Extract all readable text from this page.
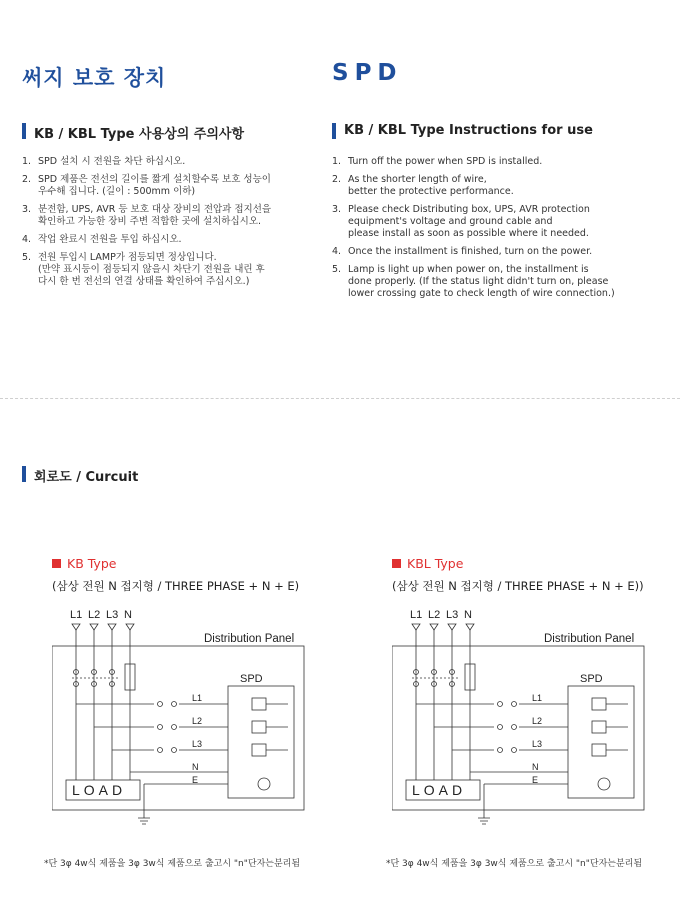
써지 보호 장치	SPD
KB / KBL Type 사용상의 주의사항
1. SPD 설치 시 전원을 차단 하십시오.
2. SPD 제품은 전선의 길이를 짧게 설치할수록 보호 성능이
우수해 집니다. (길이 : 500mm 이하)
3. 분전함, UPS, AVR 등 보호 대상 장비의 전압과 접지선을
확인하고 가능한 장비 주변 적합한 곳에 설치하십시오.
4. 작업 완료시 전원을 투입 하십시오.
5. 전원 투입시 LAMP가 점등되면 정상입니다.
(만약 표시등이 점등되지 않을시 차단기 전원을 내린 후
다시 한 번 전선의 연결 상태를 확인하여 주십시오.)
KB / KBL Type Instructions for use
1. Turn off the power when SPD is installed.
2. As the shorter length of wire,
better the protective performance.
3. Please check Distributing box, UPS, AVR protection
equipment's voltage and ground cable and
please install as soon as possible where it needed.
4. Once the installment is finished, turn on the power.
5. Lamp is light up when power on, the installment is
done properly. (If the status light didn't turn on, please
lower crossing gate to check length of wire connection.)
회로도 / Curcuit
KB Type
(삼상 전원 N 접지형 / THREE PHASE + N + E)
L1 L2 L3 N
Distribution Panel
LOAD
SPD
L1
L2
L3
N
E
*단 3φ 4w식 제품을 3φ 3w식 제품으로 출고시 "n"단자는분리됨
KBL Type
(삼상 전원 N 접지형 / THREE PHASE + N + E))
L1 L2 L3 N
Distribution Panel
LOAD
SPD
L1
L2
L3
N
E
*단 3φ 4w식 제품을 3φ 3w식 제품으로 출고시 "n"단자는분리됨
